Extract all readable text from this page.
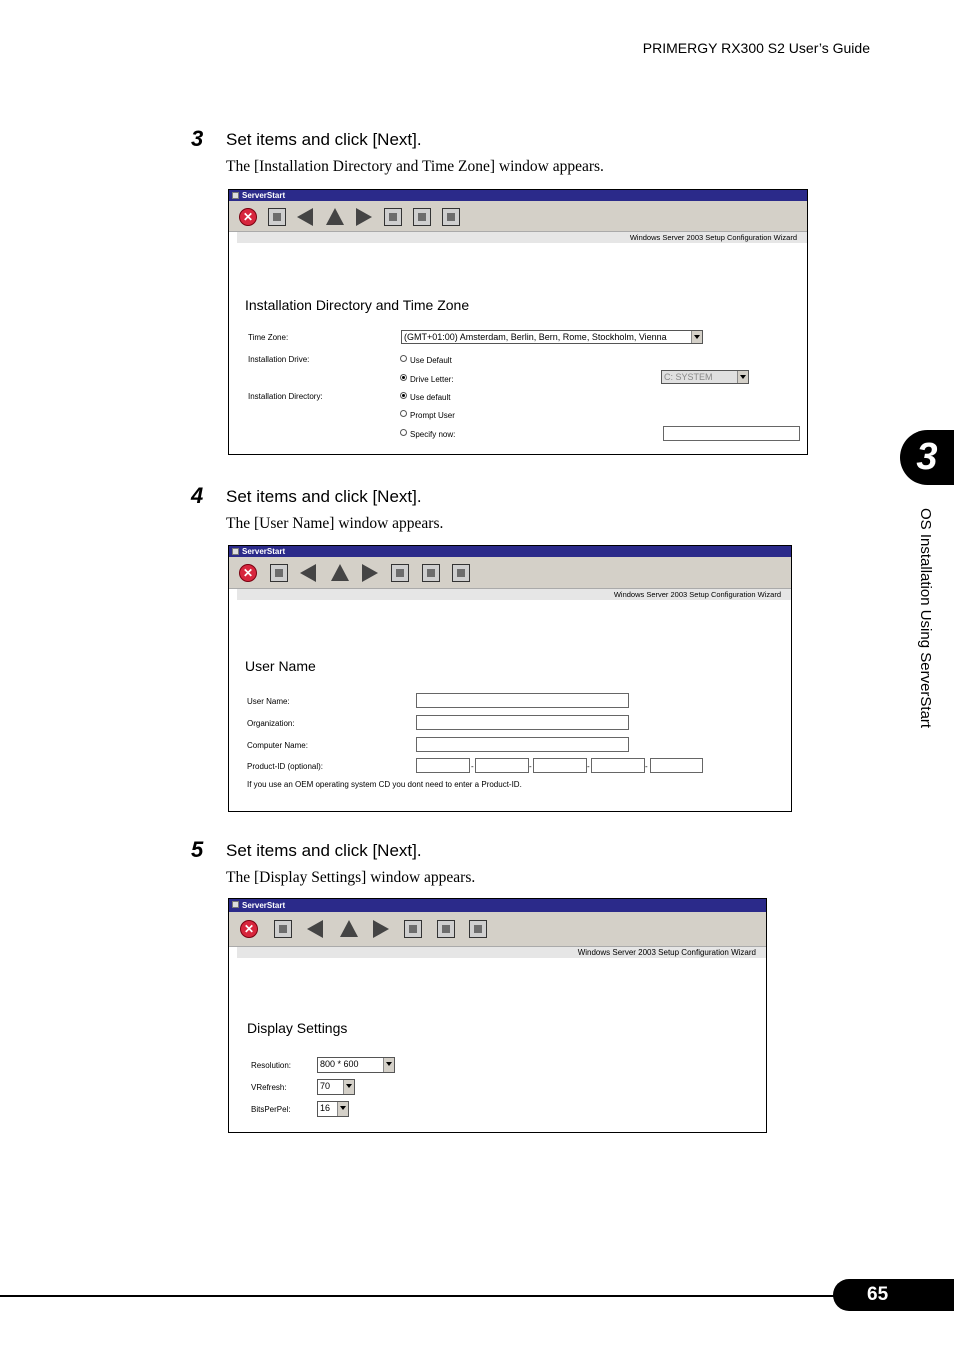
PRIMERGY RX300 S2 User’s Guide
3 Set items and click [Next].
The [Installation Directory and Time Zone] window appears.
ServerStart
✕
Windows Server 2003 Setup Configuration Wizard
Installation Directory and Time Zone
Time Zone:	(GMT+01:00) Amsterdam, Berlin, Bern, Rome, Stockholm, Vienna
Installation Drive:	Use Default
Drive Letter:	C: SYSTEM
Installation Directory:	Use default
Prompt User
Specify now:
4 Set items and click [Next].
The [User Name] window appears.
ServerStart
✕
Windows Server 2003 Setup Configuration Wizard
User Name
User Name:
Organization:
Computer Name:
Product-ID (optional):	-	-	-	-
If you use an OEM operating system CD you dont need to enter a Product-ID.
5 Set items and click [Next].
The [Display Settings] window appears.
ServerStart
✕
Windows Server 2003 Setup Configuration Wizard
Display Settings
Resolution:	800 * 600
VRefresh:	70
BitsPerPel:	16
3
OS Installation Using ServerStart
65
